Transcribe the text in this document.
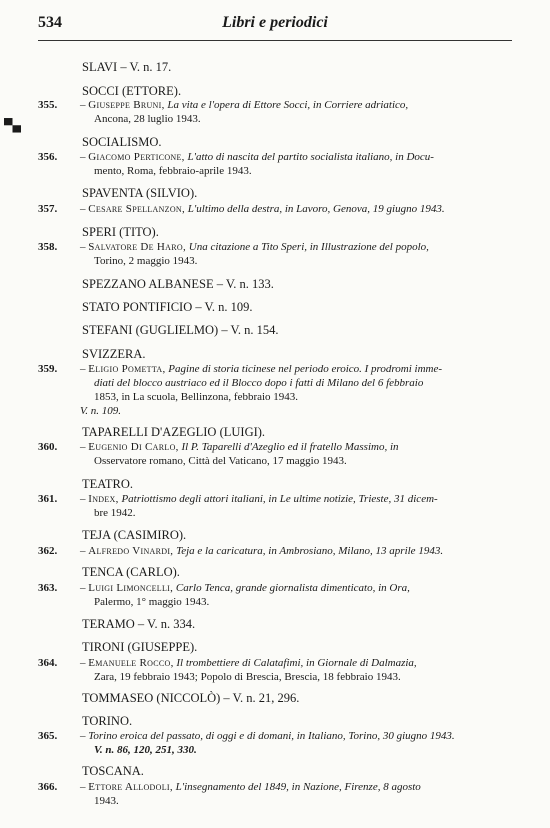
534	Libri e periodici
▀▄
SLAVI – V. n. 17.
SOCCI (ETTORE).
355. – Giuseppe Bruni, La vita e l'opera di Ettore Socci, in Corriere adriatico,
Ancona, 28 luglio 1943.
SOCIALISMO.
356. – Giacomo Perticone, L'atto di nascita del partito socialista italiano, in Docu-
mento, Roma, febbraio-aprile 1943.
SPAVENTA (SILVIO).
357. – Cesare Spellanzon, L'ultimo della destra, in Lavoro, Genova, 19 giugno 1943.
SPERI (TITO).
358. – Salvatore De Haro, Una citazione a Tito Speri, in Illustrazione del popolo,
Torino, 2 maggio 1943.
SPEZZANO ALBANESE – V. n. 133.
STATO PONTIFICIO – V. n. 109.
STEFANI (GUGLIELMO) – V. n. 154.
SVIZZERA.
359. – Eligio Pometta, Pagine di storia ticinese nel periodo eroico. I prodromi imme-
diati del blocco austriaco ed il Blocco dopo i fatti di Milano del 6 febbraio
1853, in La scuola, Bellinzona, febbraio 1943.
V. n. 109.
TAPARELLI D'AZEGLIO (LUIGI).
360. – Eugenio Di Carlo, Il P. Taparelli d'Azeglio ed il fratello Massimo, in
Osservatore romano, Città del Vaticano, 17 maggio 1943.
TEATRO.
361. – Index, Patriottismo degli attori italiani, in Le ultime notizie, Trieste, 31 dicem-
bre 1942.
TEJA (CASIMIRO).
362. – Alfredo Vinardi, Teja e la caricatura, in Ambrosiano, Milano, 13 aprile 1943.
TENCA (CARLO).
363. – Luigi Limoncelli, Carlo Tenca, grande giornalista dimenticato, in Ora,
Palermo, 1° maggio 1943.
TERAMO – V. n. 334.
TIRONI (GIUSEPPE).
364. – Emanuele Rocco, Il trombettiere di Calatafimi, in Giornale di Dalmazia,
Zara, 19 febbraio 1943; Popolo di Brescia, Brescia, 18 febbraio 1943.
TOMMASEO (NICCOLÒ) – V. n. 21, 296.
TORINO.
365. – Torino eroica del passato, di oggi e di domani, in Italiano, Torino, 30 giugno 1943.
V. n. 86, 120, 251, 330.
TOSCANA.
366. – Ettore Allodoli, L'insegnamento del 1849, in Nazione, Firenze, 8 agosto
1943.
